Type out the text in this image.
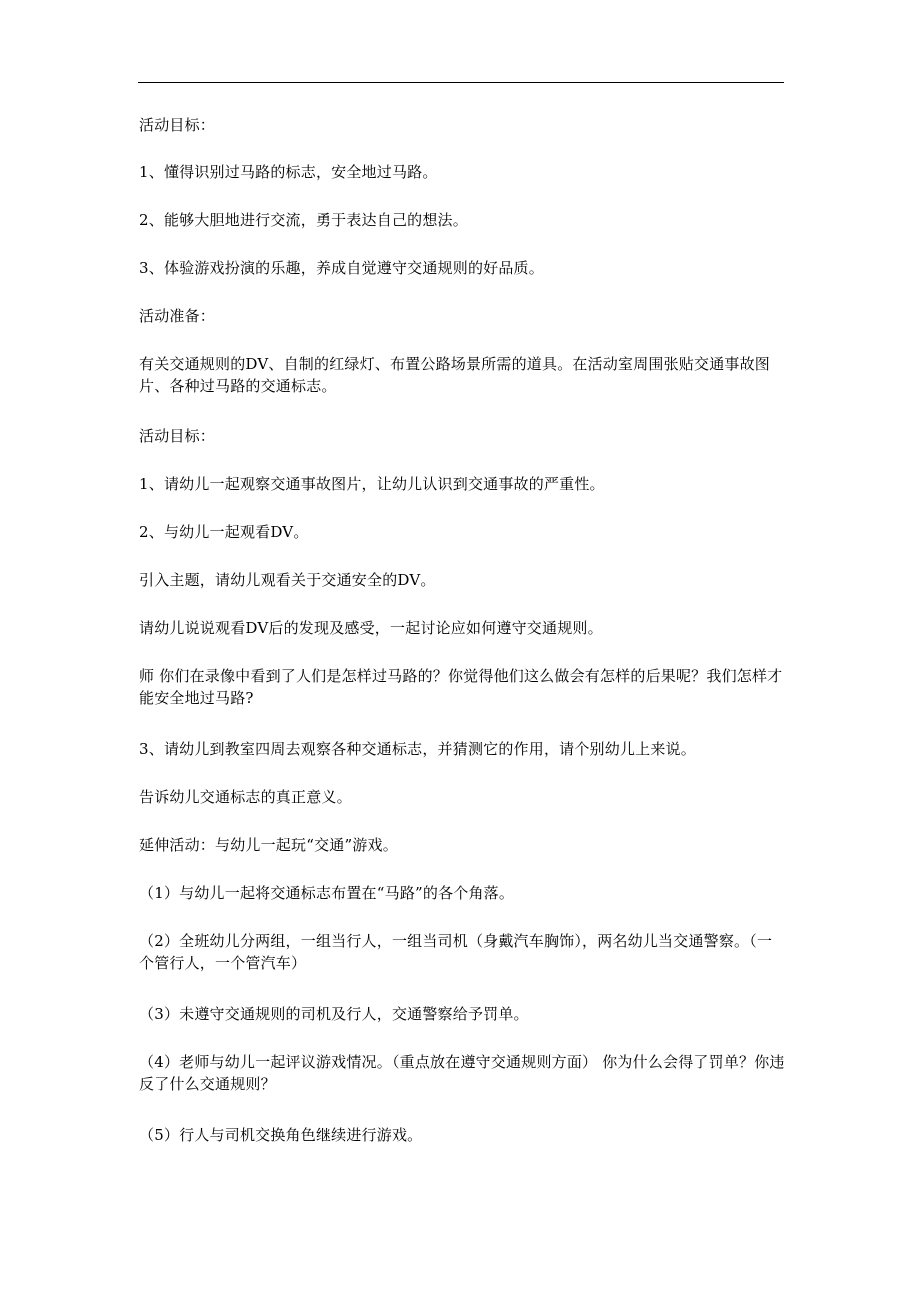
活动目标：
1、懂得识别过马路的标志，安全地过马路。
2、能够大胆地进行交流，勇于表达自己的想法。
3、体验游戏扮演的乐趣，养成自觉遵守交通规则的好品质。
活动准备：
有关交通规则的DV、自制的红绿灯、布置公路场景所需的道具。在活动室周围张贴交通事故图片、各种过马路的交通标志。
活动目标：
1、请幼儿一起观察交通事故图片，让幼儿认识到交通事故的严重性。
2、与幼儿一起观看DV。
引入主题，请幼儿观看关于交通安全的DV。
请幼儿说说观看DV后的发现及感受，一起讨论应如何遵守交通规则。
师 你们在录像中看到了人们是怎样过马路的？你觉得他们这么做会有怎样的后果呢？我们怎样才能安全地过马路?
3、请幼儿到教室四周去观察各种交通标志，并猜测它的作用，请个别幼儿上来说。
告诉幼儿交通标志的真正意义。
延伸活动：与幼儿一起玩“交通”游戏。
（1）与幼儿一起将交通标志布置在“马路”的各个角落。
（2）全班幼儿分两组，一组当行人，一组当司机（身戴汽车胸饰），两名幼儿当交通警察。（一个管行人，一个管汽车）
（3）未遵守交通规则的司机及行人，交通警察给予罚单。
（4）老师与幼儿一起评议游戏情况。（重点放在遵守交通规则方面） 你为什么会得了罚单？你违反了什么交通规则？
（5）行人与司机交换角色继续进行游戏。
